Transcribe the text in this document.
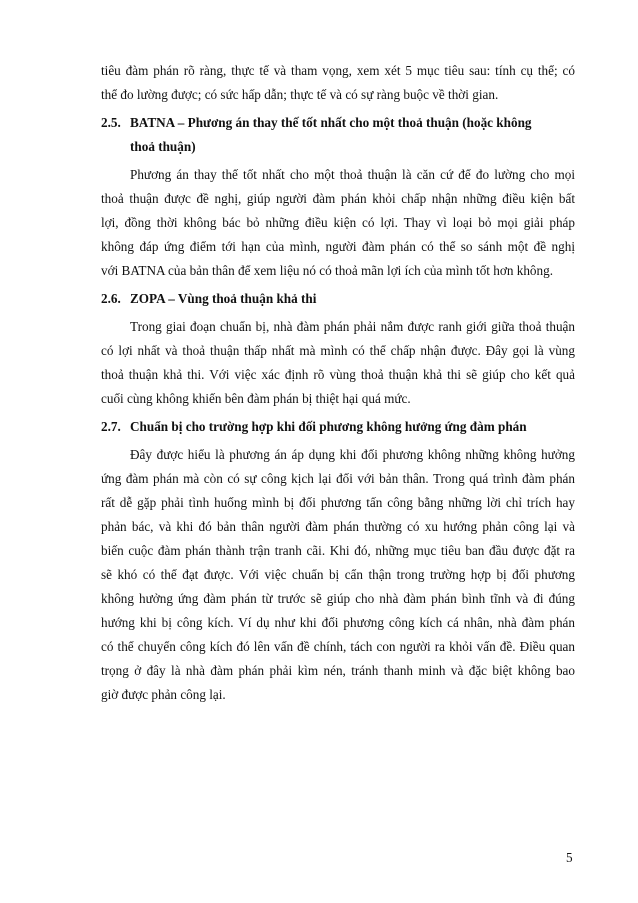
tiêu đàm phán rõ ràng, thực tế và tham vọng, xem xét 5 mục tiêu sau: tính cụ thể; có
thể đo lường được; có sức hấp dẫn; thực tế và có sự ràng buộc về thời gian.
2.5. BATNA – Phương án thay thế tốt nhất cho một thoả thuận (hoặc không
thoả thuận)
Phương án thay thế tốt nhất cho một thoả thuận là căn cứ để đo lường cho mọi
thoả thuận được đề nghị, giúp người đàm phán khỏi chấp nhận những điều kiện bất
lợi, đồng thời không bác bỏ những điều kiện có lợi. Thay vì loại bỏ mọi giải pháp
không đáp ứng điểm tới hạn của mình, người đàm phán có thể so sánh một đề nghị
với BATNA của bản thân để xem liệu nó có thoả mãn lợi ích của mình tốt hơn không.
2.6. ZOPA – Vùng thoả thuận khả thi
Trong giai đoạn chuẩn bị, nhà đàm phán phải nắm được ranh giới giữa thoả thuận
có lợi nhất và thoả thuận thấp nhất mà mình có thể chấp nhận được. Đây gọi là vùng
thoả thuận khả thi. Với việc xác định rõ vùng thoả thuận khả thi sẽ giúp cho kết quả
cuối cùng không khiến bên đàm phán bị thiệt hại quá mức.
2.7. Chuẩn bị cho trường hợp khi đối phương không hưởng ứng đàm phán
Đây được hiểu là phương án áp dụng khi đối phương không những không hưởng
ứng đàm phán mà còn có sự công kịch lại đối với bản thân. Trong quá trình đàm phán
rất dễ gặp phải tình huống mình bị đối phương tấn công bằng những lời chỉ trích hay
phản bác, và khi đó bản thân người đàm phán thường có xu hướng phản công lại và
biến cuộc đàm phán thành trận tranh cãi. Khi đó, những mục tiêu ban đầu được đặt ra
sẽ khó có thể đạt được. Với việc chuẩn bị cẩn thận trong trường hợp bị đối phương
không hưởng ứng đàm phán từ trước sẽ giúp cho nhà đàm phán bình tĩnh và đi đúng
hướng khi bị công kích. Ví dụ như khi đối phương công kích cá nhân, nhà đàm phán
có thể chuyển công kích đó lên vấn đề chính, tách con người ra khỏi vấn đề. Điều quan
trọng ở đây là nhà đàm phán phải kìm nén, tránh thanh minh và đặc biệt không bao
giờ được phản công lại.
5
